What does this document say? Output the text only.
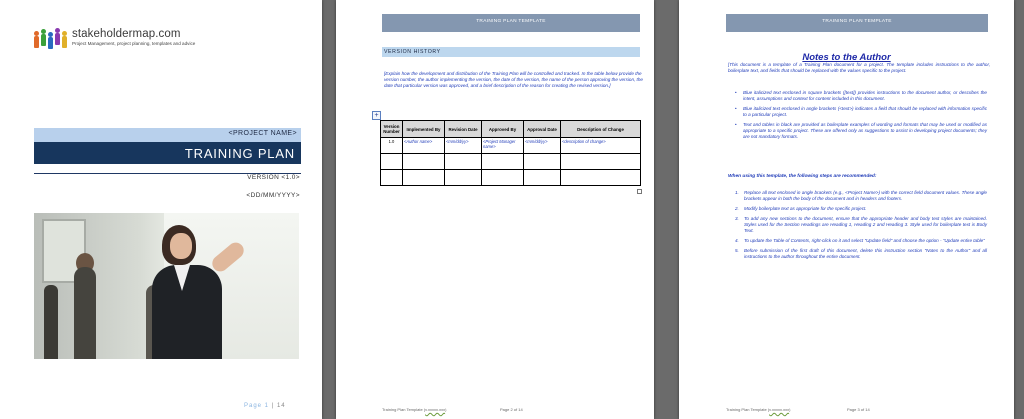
stakeholdermap.com
Project Management, project planning, templates and advice
<PROJECT NAME>
TRAINING PLAN
VERSION <1.0>
<DD/MM/YYYY>
Page 1 | 14
TRAINING PLAN TEMPLATE
VERSION HISTORY
[Explain how the development and distribution of the Training Plan will be controlled and tracked. In the table below provide the version number, the author implementing the version, the date of the version, the name of the person approving the version, the date that particular version was approved, and a brief description of the reason for creating the revised version.]
+
Version Number	Implemented By	Revision Date	Approved By	Approval Date	Description of Change
1.0	<Author name>	<mm/dd/yy>	<Project Manager name>	<mm/dd/yy>	<description of change>

Training Plan Template (v.xxxxx.xxx)	Page 2 of 14
TRAINING PLAN TEMPLATE
Notes to the Author
[This document is a template of a Training Plan document for a project. The template includes instructions to the author, boilerplate text, and fields that should be replaced with the values specific to the project.
• Blue italicized text enclosed in square brackets ([text]) provides instructions to the document author, or describes the intent, assumptions and context for content included in this document.
• Blue italicized text enclosed in angle brackets (<text>) indicates a field that should be replaced with information specific to a particular project.
• Text and tables in black are provided as boilerplate examples of wording and formats that may be used or modified as appropriate to a specific project. These are offered only as suggestions to assist in developing project documents; they are not mandatory formats.
When using this template, the following steps are recommended:
1. Replace all text enclosed in angle brackets (e.g., <Project Name>) with the correct field document values. These angle brackets appear in both the body of the document and in headers and footers.
2. Modify boilerplate text as appropriate for the specific project.
3. To add any new sections to the document, ensure that the appropriate header and body text styles are maintained. Styles used for the Section Headings are Heading 1, Heading 2 and Heading 3. Style used for boilerplate text is Body Text.
4. To update the Table of Contents, right-click on it and select "Update field" and choose the option - "Update entire table"
5. Before submission of the first draft of this document, delete this instruction section "Notes to the Author" and all instructions to the author throughout the entire document.
Training Plan Template (v.xxxxx.xxx)	Page 3 of 14
